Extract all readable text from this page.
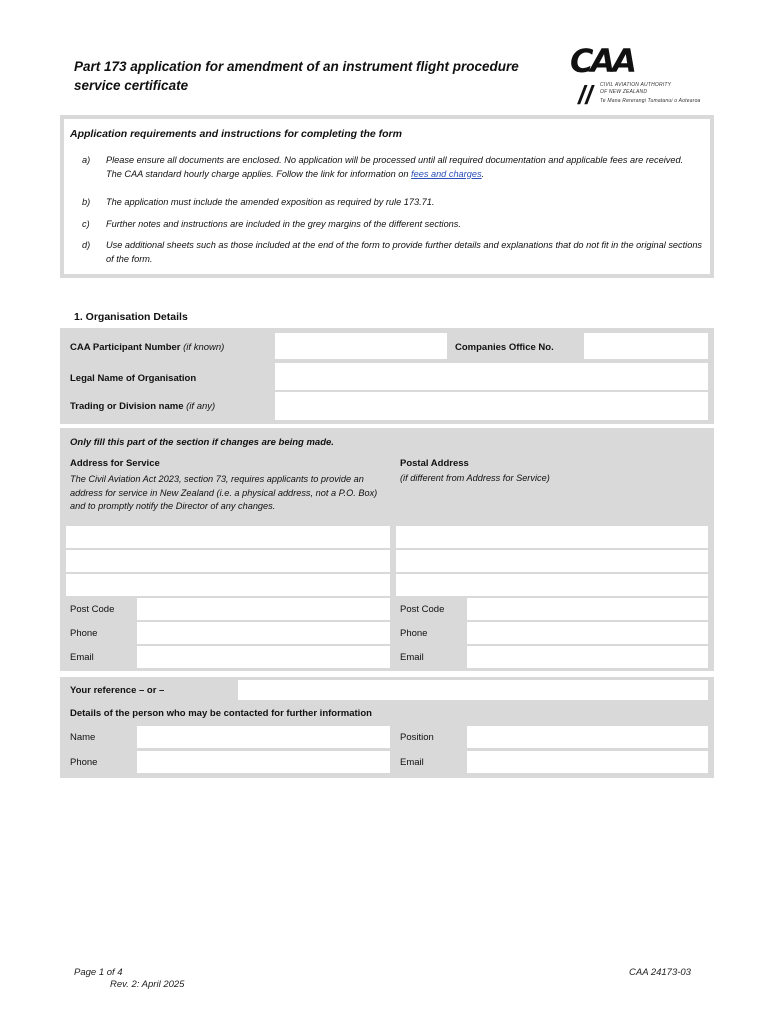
Part 173 application for amendment of an instrument flight procedure service certificate
CAA
// CIVIL AVIATION AUTHORITY
OF NEW ZEALAND
Te Mana Rererangi Tumatanui o Aotearoa
Application requirements and instructions for completing the form
a)	Please ensure all documents are enclosed. No application will be processed until all required documentation and applicable fees are received.
The CAA standard hourly charge applies. Follow the link for information on fees and charges.
b)	The application must include the amended exposition as required by rule 173.71.
c)	Further notes and instructions are included in the grey margins of the different sections.
d)	Use additional sheets such as those included at the end of the form to provide further details and explanations that do not fit in the original sections of the form.
1. Organisation Details
CAA Participant Number (if known)	Companies Office No.
Legal Name of Organisation
Trading or Division name (if any)
Only fill this part of the section if changes are being made.
Address for Service
The Civil Aviation Act 2023, section 73, requires applicants to provide an address for service in New Zealand (i.e. a physical address, not a P.O. Box) and to promptly notify the Director of any changes.
Postal Address
(if different from Address for Service)
Post Code	Post Code
Phone	Phone
Email	Email
Your reference – or –
Details of the person who may be contacted for further information
Name	Position
Phone	Email
Page 1 of 4
Rev. 2: April 2025
CAA 24173-03
